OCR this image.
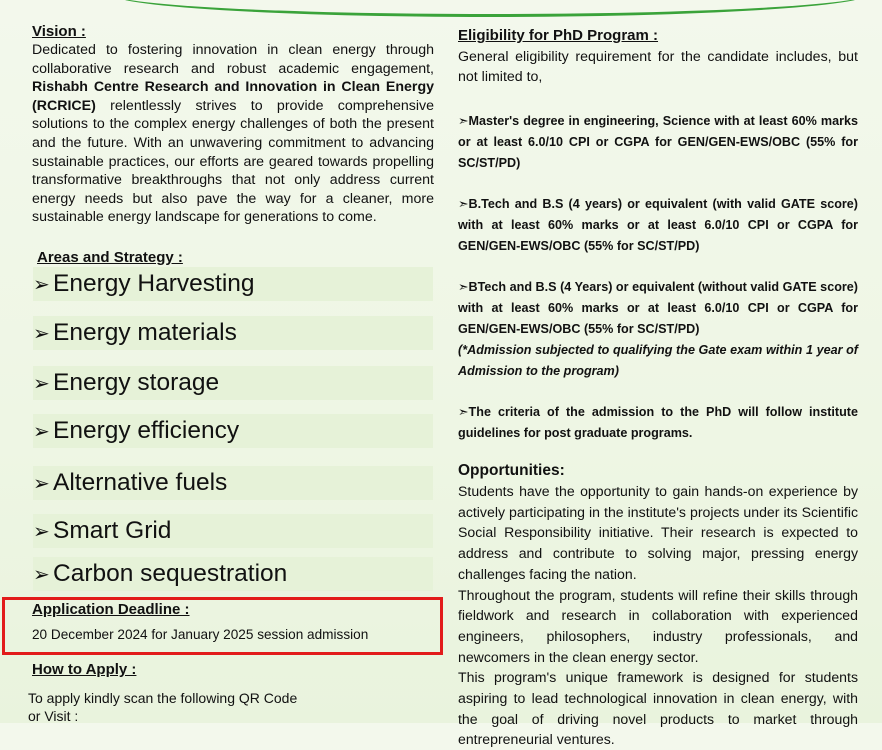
Vision :

Dedicated to fostering innovation in clean energy through collaborative research and robust academic engagement, Rishabh Centre Research and Innovation in Clean Energy (RCRICE) relentlessly strives to provide comprehensive solutions to the complex energy challenges of both the present and the future. With an unwavering commitment to advancing sustainable practices, our efforts are geared towards propelling transformative breakthroughs that not only address current energy needs but also pave the way for a cleaner, more sustainable energy landscape for generations to come.

Areas and Strategy :
➢ Energy Harvesting
➢ Energy materials
➢ Energy storage
➢ Energy efficiency
➢ Alternative fuels
➢ Smart Grid
➢ Carbon sequestration
Application Deadline :
20 December 2024 for January 2025 session admission
How to Apply :
To apply kindly scan the following QR Code
or Visit :
Eligibility for PhD Program :

General eligibility requirement for the candidate includes, but not limited to,

➣Master's degree in engineering, Science with at least 60% marks or at least 6.0/10 CPI or CGPA for GEN/GEN-EWS/OBC (55% for SC/ST/PD)

➣B.Tech and B.S (4 years) or equivalent (with valid GATE score) with at least 60% marks or at least 6.0/10 CPI or CGPA for GEN/GEN-EWS/OBC (55% for SC/ST/PD)

➣BTech and B.S (4 Years) or equivalent (without valid GATE score) with at least 60% marks or at least 6.0/10 CPI or CGPA for GEN/GEN-EWS/OBC (55% for SC/ST/PD)

(*Admission subjected to qualifying the Gate exam within 1 year of Admission to the program)

➣The criteria of the admission to the PhD will follow institute guidelines for post graduate programs.

Opportunities:

Students have the opportunity to gain hands-on experience by actively participating in the institute's projects under its Scientific Social Responsibility initiative. Their research is expected to address and contribute to solving major, pressing energy challenges facing the nation.

Throughout the program, students will refine their skills through fieldwork and research in collaboration with experienced engineers, philosophers, industry professionals, and newcomers in the clean energy sector.

This program's unique framework is designed for students aspiring to lead technological innovation in clean energy, with the goal of driving novel products to market through entrepreneurial ventures.
